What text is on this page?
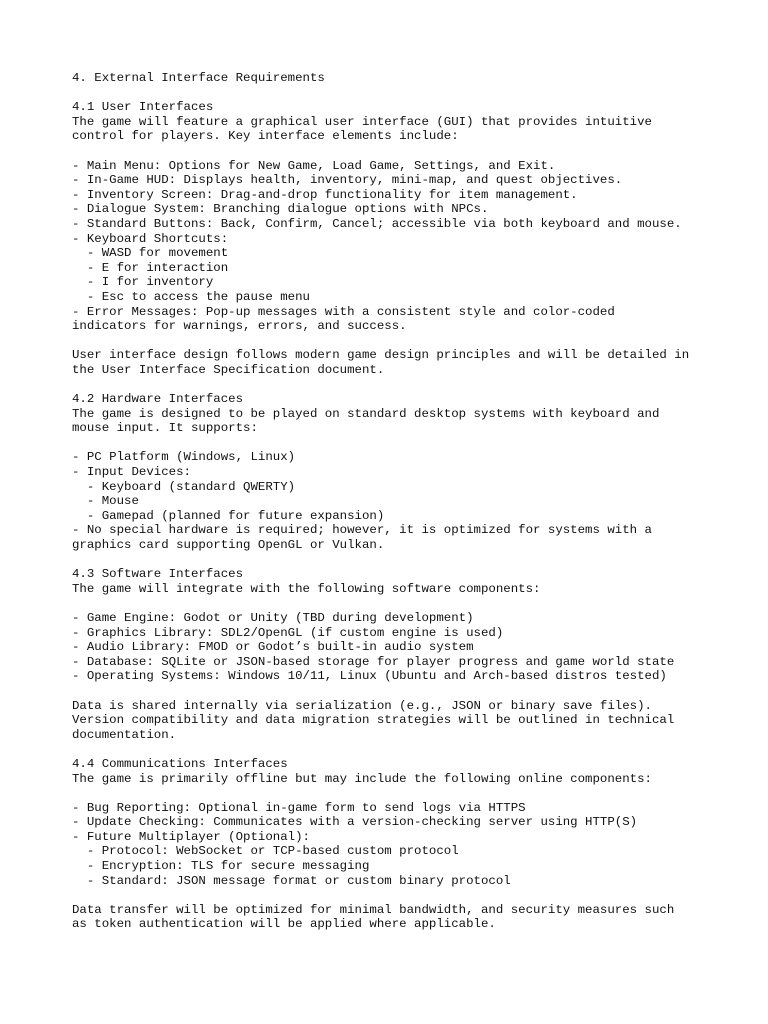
4. External Interface Requirements
4.1 User Interfaces
The game will feature a graphical user interface (GUI) that provides intuitive
control for players. Key interface elements include:
- Main Menu: Options for New Game, Load Game, Settings, and Exit.
- In-Game HUD: Displays health, inventory, mini-map, and quest objectives.
- Inventory Screen: Drag-and-drop functionality for item management.
- Dialogue System: Branching dialogue options with NPCs.
- Standard Buttons: Back, Confirm, Cancel; accessible via both keyboard and mouse.
- Keyboard Shortcuts:
- WASD for movement
- E for interaction
- I for inventory
- Esc to access the pause menu
- Error Messages: Pop-up messages with a consistent style and color-coded
indicators for warnings, errors, and success.
User interface design follows modern game design principles and will be detailed in
the User Interface Specification document.
4.2 Hardware Interfaces
The game is designed to be played on standard desktop systems with keyboard and
mouse input. It supports:
- PC Platform (Windows, Linux)
- Input Devices:
- Keyboard (standard QWERTY)
- Mouse
- Gamepad (planned for future expansion)
- No special hardware is required; however, it is optimized for systems with a
graphics card supporting OpenGL or Vulkan.
4.3 Software Interfaces
The game will integrate with the following software components:
- Game Engine: Godot or Unity (TBD during development)
- Graphics Library: SDL2/OpenGL (if custom engine is used)
- Audio Library: FMOD or Godot’s built-in audio system
- Database: SQLite or JSON-based storage for player progress and game world state
- Operating Systems: Windows 10/11, Linux (Ubuntu and Arch-based distros tested)
Data is shared internally via serialization (e.g., JSON or binary save files).
Version compatibility and data migration strategies will be outlined in technical
documentation.
4.4 Communications Interfaces
The game is primarily offline but may include the following online components:
- Bug Reporting: Optional in-game form to send logs via HTTPS
- Update Checking: Communicates with a version-checking server using HTTP(S)
- Future Multiplayer (Optional):
- Protocol: WebSocket or TCP-based custom protocol
- Encryption: TLS for secure messaging
- Standard: JSON message format or custom binary protocol
Data transfer will be optimized for minimal bandwidth, and security measures such
as token authentication will be applied where applicable.
